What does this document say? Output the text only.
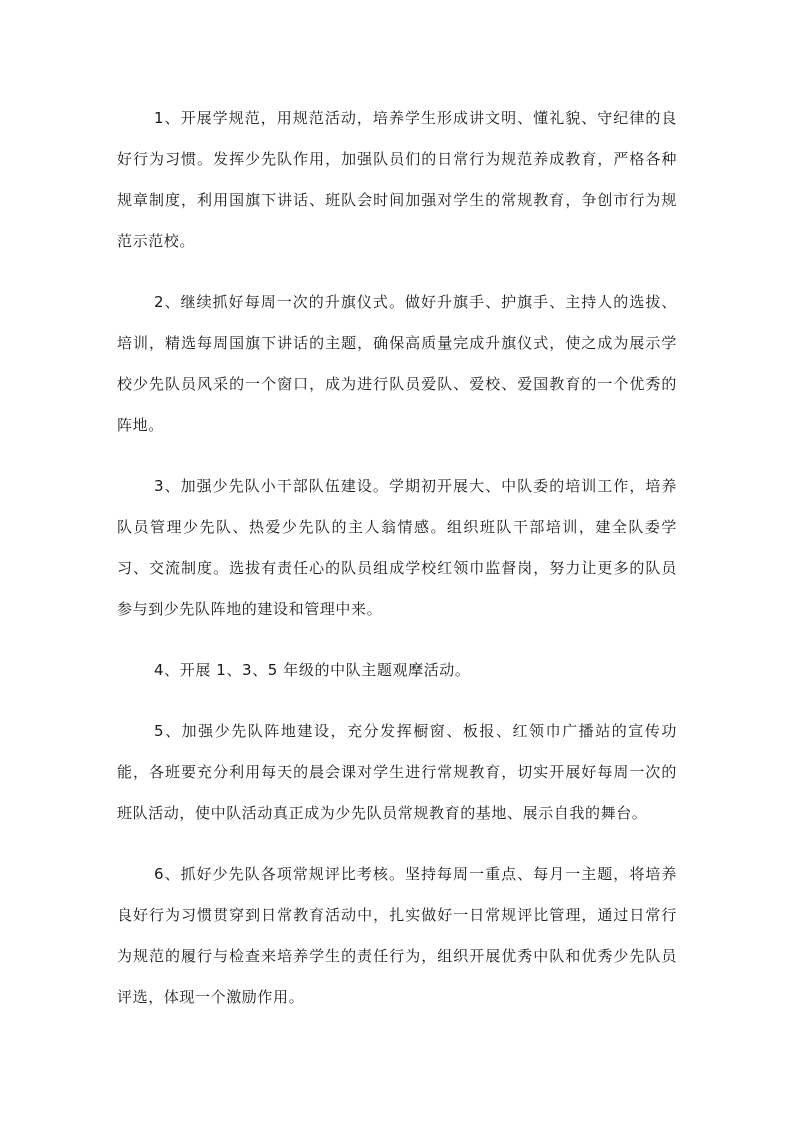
1、开展学规范，用规范活动，培养学生形成讲文明、懂礼貌、守纪律的良好行为习惯。发挥少先队作用，加强队员们的日常行为规范养成教育，严格各种规章制度，利用国旗下讲话、班队会时间加强对学生的常规教育，争创市行为规范示范校。

2、继续抓好每周一次的升旗仪式。做好升旗手、护旗手、主持人的选拔、培训，精选每周国旗下讲话的主题，确保高质量完成升旗仪式，使之成为展示学校少先队员风采的一个窗口，成为进行队员爱队、爱校、爱国教育的一个优秀的阵地。

3、加强少先队小干部队伍建设。学期初开展大、中队委的培训工作，培养队员管理少先队、热爱少先队的主人翁情感。组织班队干部培训，建全队委学习、交流制度。选拔有责任心的队员组成学校红领巾监督岗，努力让更多的队员参与到少先队阵地的建设和管理中来。

4、开展 1、3、5 年级的中队主题观摩活动。

5、加强少先队阵地建设，充分发挥橱窗、板报、红领巾广播站的宣传功能，各班要充分利用每天的晨会课对学生进行常规教育，切实开展好每周一次的班队活动，使中队活动真正成为少先队员常规教育的基地、展示自我的舞台。

6、抓好少先队各项常规评比考核。坚持每周一重点、每月一主题，将培养良好行为习惯贯穿到日常教育活动中，扎实做好一日常规评比管理，通过日常行为规范的履行与检查来培养学生的责任行为，组织开展优秀中队和优秀少先队员评选，体现一个激励作用。
